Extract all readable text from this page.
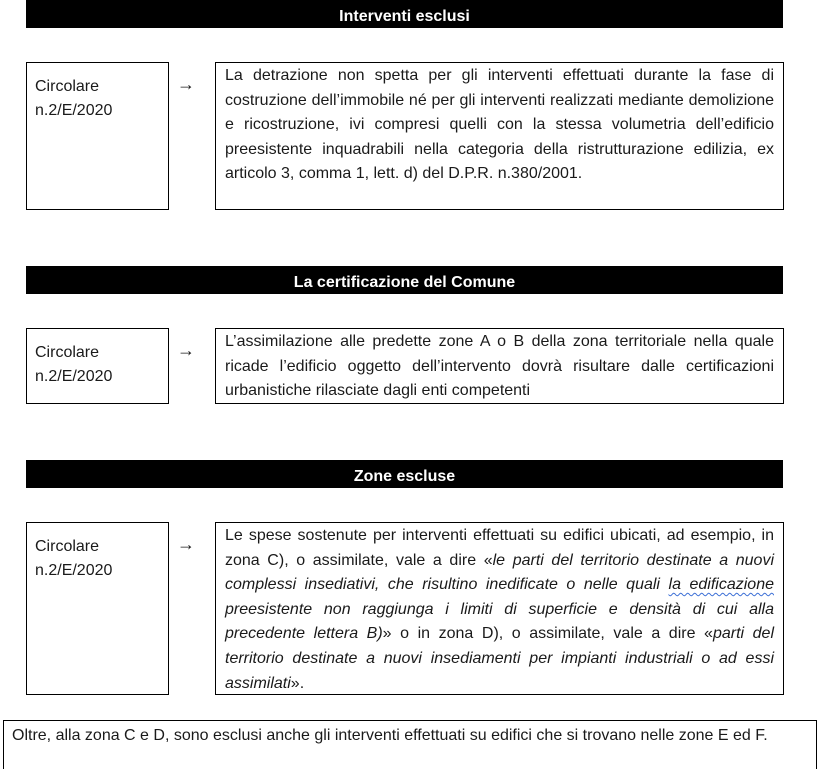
Interventi esclusi
Circolare
n.2/E/2020
→	La detrazione non spetta per gli interventi effettuati durante la fase di costruzione dell’immobile né per gli interventi realizzati mediante demolizione e ricostruzione, ivi compresi quelli con la stessa volumetria dell’edificio preesistente inquadrabili nella categoria della ristrutturazione edilizia, ex articolo 3, comma 1, lett. d) del D.P.R. n.380/2001.
La certificazione del Comune
Circolare
n.2/E/2020
→	L’assimilazione alle predette zone A o B della zona territoriale nella quale ricade l’edificio oggetto dell’intervento dovrà risultare dalle certificazioni urbanistiche rilasciate dagli enti competenti
Zone escluse
Circolare
n.2/E/2020
→	Le spese sostenute per interventi effettuati su edifici ubicati, ad esempio, in zona C), o assimilate, vale a dire «le parti del territorio destinate a nuovi complessi insediativi, che risultino inedificate o nelle quali la edificazione preesistente non raggiunga i limiti di superficie e densità di cui alla precedente lettera B)» o in zona D), o assimilate, vale a dire «parti del territorio destinate a nuovi insediamenti per impianti industriali o ad essi assimilati».
Oltre, alla zona C e D, sono esclusi anche gli interventi effettuati su edifici che si trovano nelle zone E ed F.
